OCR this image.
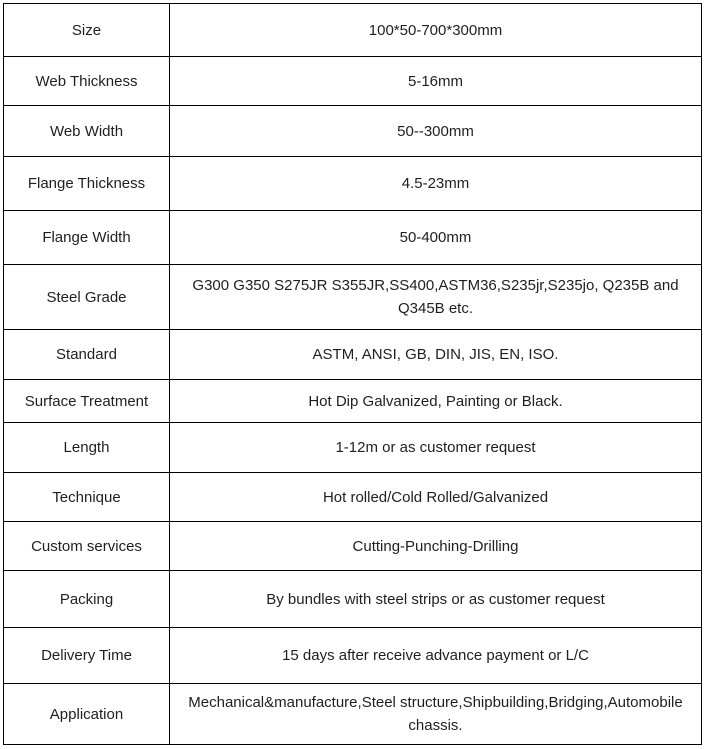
Size	100*50-700*300mm
Web Thickness	5-16mm
Web Width	50--300mm
Flange Thickness	4.5-23mm
Flange Width	50-400mm
Steel Grade	G300 G350 S275JR S355JR,SS400,ASTM36,S235jr,S235jo, Q235B and Q345B etc.
Standard	ASTM, ANSI, GB, DIN, JIS, EN, ISO.
Surface Treatment	Hot Dip Galvanized, Painting or Black.
Length	1-12m or as customer request
Technique	Hot rolled/Cold Rolled/Galvanized
Custom services	Cutting-Punching-Drilling
Packing	By bundles with steel strips or as customer request
Delivery Time	15 days after receive advance payment or L/C
Application	Mechanical&manufacture,Steel structure,Shipbuilding,Bridging,Automobile chassis.
